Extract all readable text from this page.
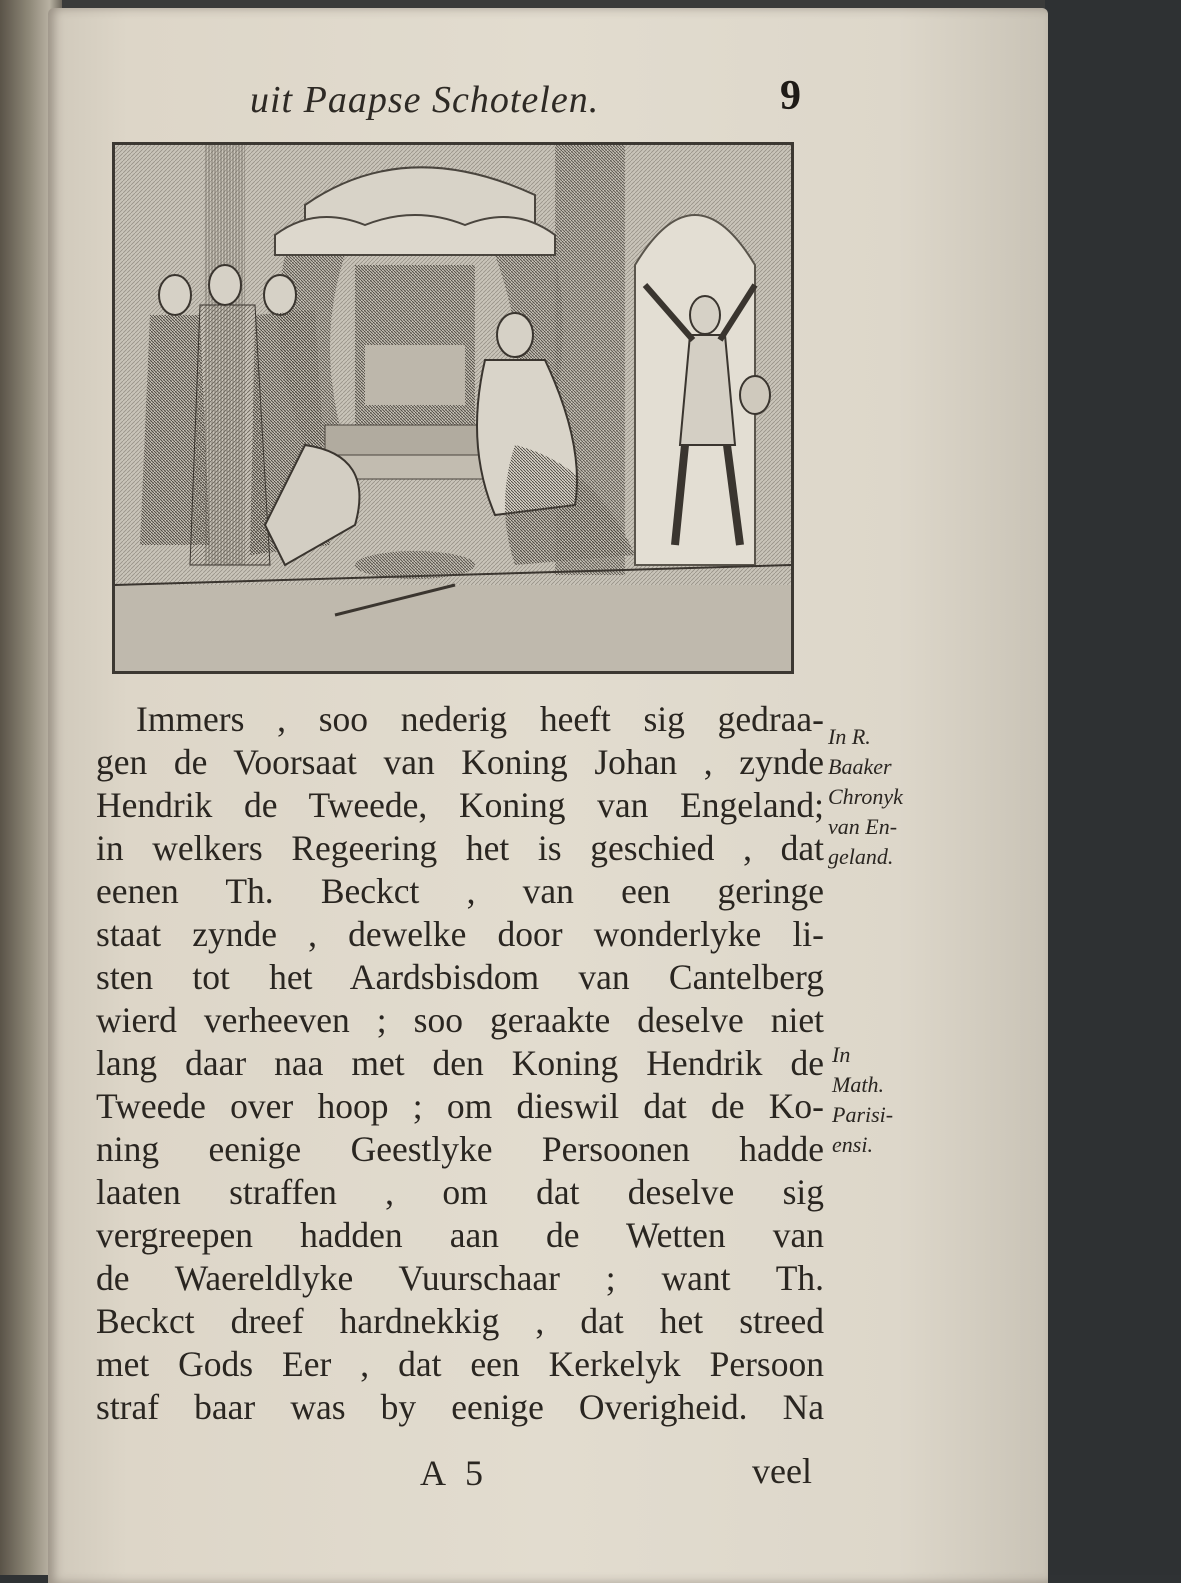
uit Paapse Schotelen.	9
Immers , soo nederig heeft sig gedraa-
gen de Voorsaat van Koning Johan , zynde
Hendrik de Tweede, Koning van Engeland;
in welkers Regeering het is geschied , dat
eenen Th. Beckct , van een geringe
staat zynde , dewelke door wonderlyke li-
sten tot het Aardsbisdom van Cantelberg
wierd verheeven ; soo geraakte deselve niet
lang daar naa met den Koning Hendrik de
Tweede over hoop ; om dieswil dat de Ko-
ning eenige Geestlyke Persoonen hadde
laaten straffen , om dat deselve sig
vergreepen hadden aan de Wetten van
de Waereldlyke Vuurschaar ; want Th.
Beckct dreef hardnekkig , dat het streed
met Gods Eer , dat een Kerkelyk Persoon
straf baar was by eenige Overigheid. Na
In R.
Baaker
Chronyk
van En-
geland.
In
Math.
Parisi-
ensi.
A 5	veel
